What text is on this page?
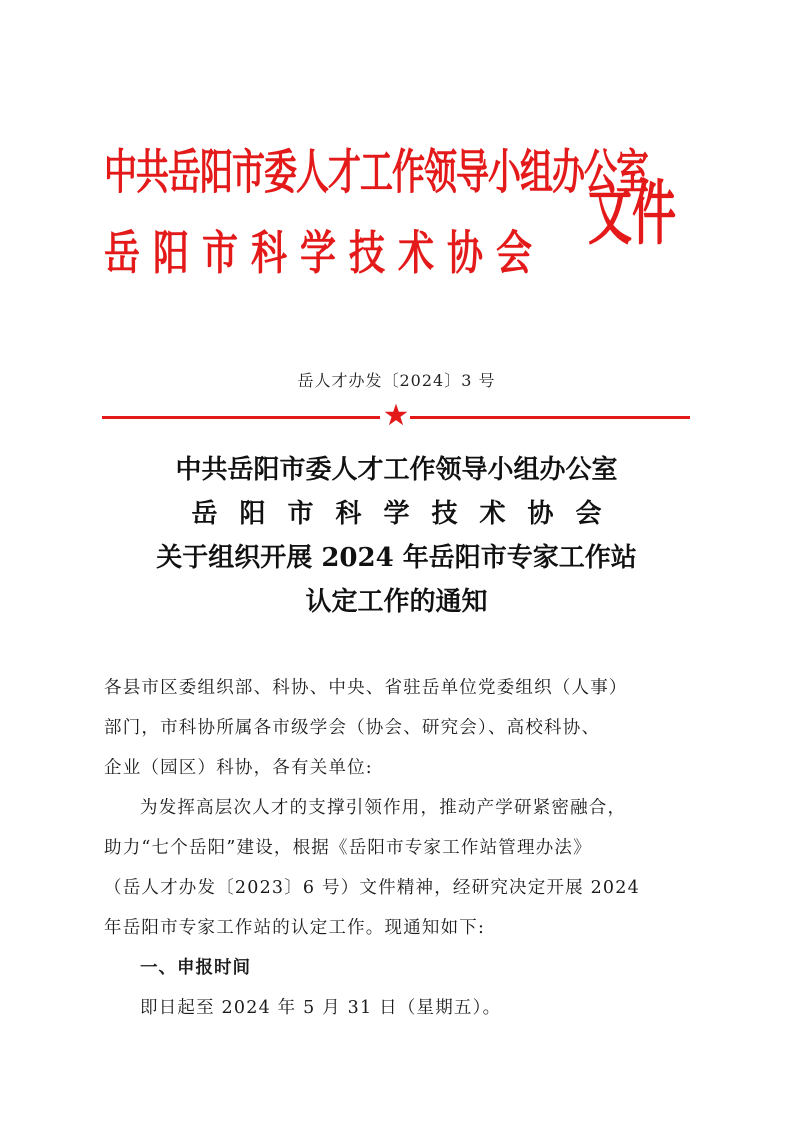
中共岳阳市委人才工作领导小组办公室
岳阳市科学技术协会 文件
岳人才办发〔2024〕3 号
中共岳阳市委人才工作领导小组办公室
岳阳市科学技术协会
关于组织开展 2024 年岳阳市专家工作站
认定工作的通知

各县市区委组织部、科协、中央、省驻岳单位党委组织（人事）
部门，市科协所属各市级学会（协会、研究会）、高校科协、
企业（园区）科协，各有关单位:

为发挥高层次人才的支撑引领作用，推动产学研紧密融合，
助力“七个岳阳”建设，根据《岳阳市专家工作站管理办法》
（岳人才办发〔2023〕6 号）文件精神，经研究决定开展 2024
年岳阳市专家工作站的认定工作。现通知如下:

一、申报时间

即日起至 2024 年 5 月 31 日（星期五）。
